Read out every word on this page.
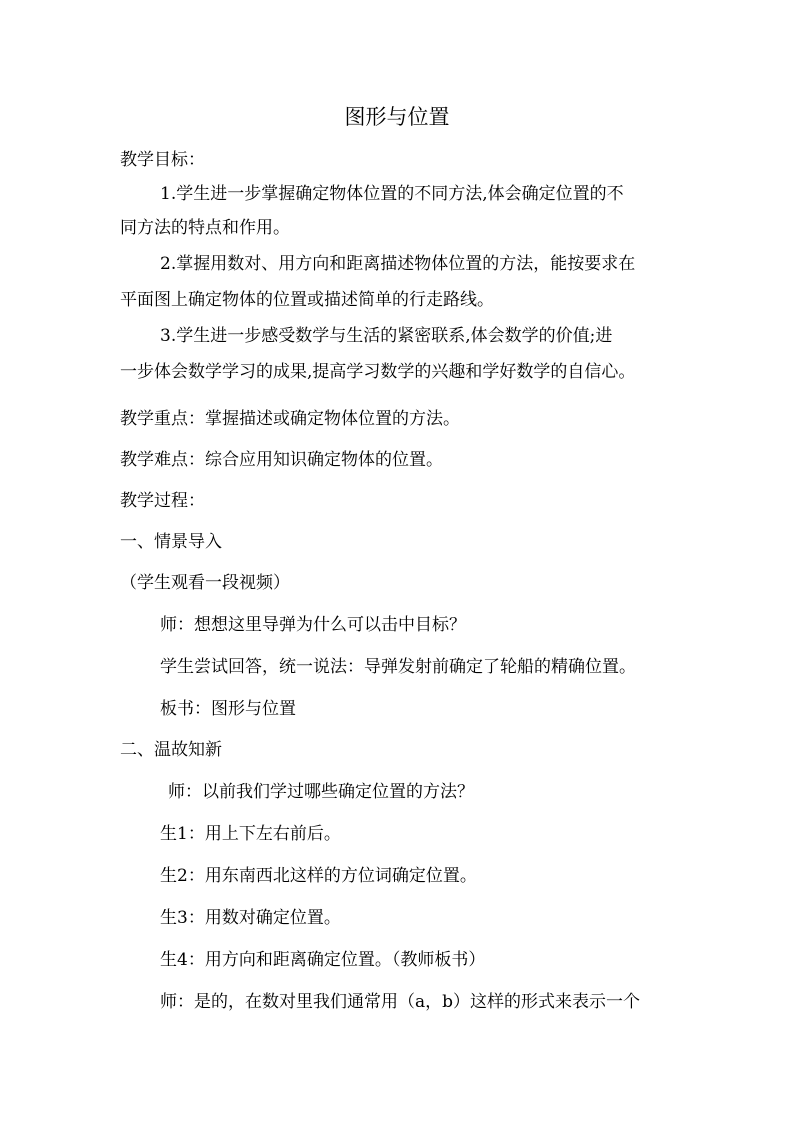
图形与位置
教学目标：
1.学生进一步掌握确定物体位置的不同方法,体会确定位置的不
同方法的特点和作用。
2.掌握用数对、用方向和距离描述物体位置的方法，能按要求在
平面图上确定物体的位置或描述简单的行走路线。
3.学生进一步感受数学与生活的紧密联系,体会数学的价值;进
一步体会数学学习的成果,提高学习数学的兴趣和学好数学的自信心。
教学重点：掌握描述或确定物体位置的方法。
教学难点：综合应用知识确定物体的位置。
教学过程：
一、情景导入
（学生观看一段视频）
师：想想这里导弹为什么可以击中目标？
学生尝试回答，统一说法：导弹发射前确定了轮船的精确位置。
板书：图形与位置
二、温故知新
师：以前我们学过哪些确定位置的方法？
生1：用上下左右前后。
生2：用东南西北这样的方位词确定位置。
生3：用数对确定位置。
生4：用方向和距离确定位置。（教师板书）
师：是的，在数对里我们通常用（a，b）这样的形式来表示一个
